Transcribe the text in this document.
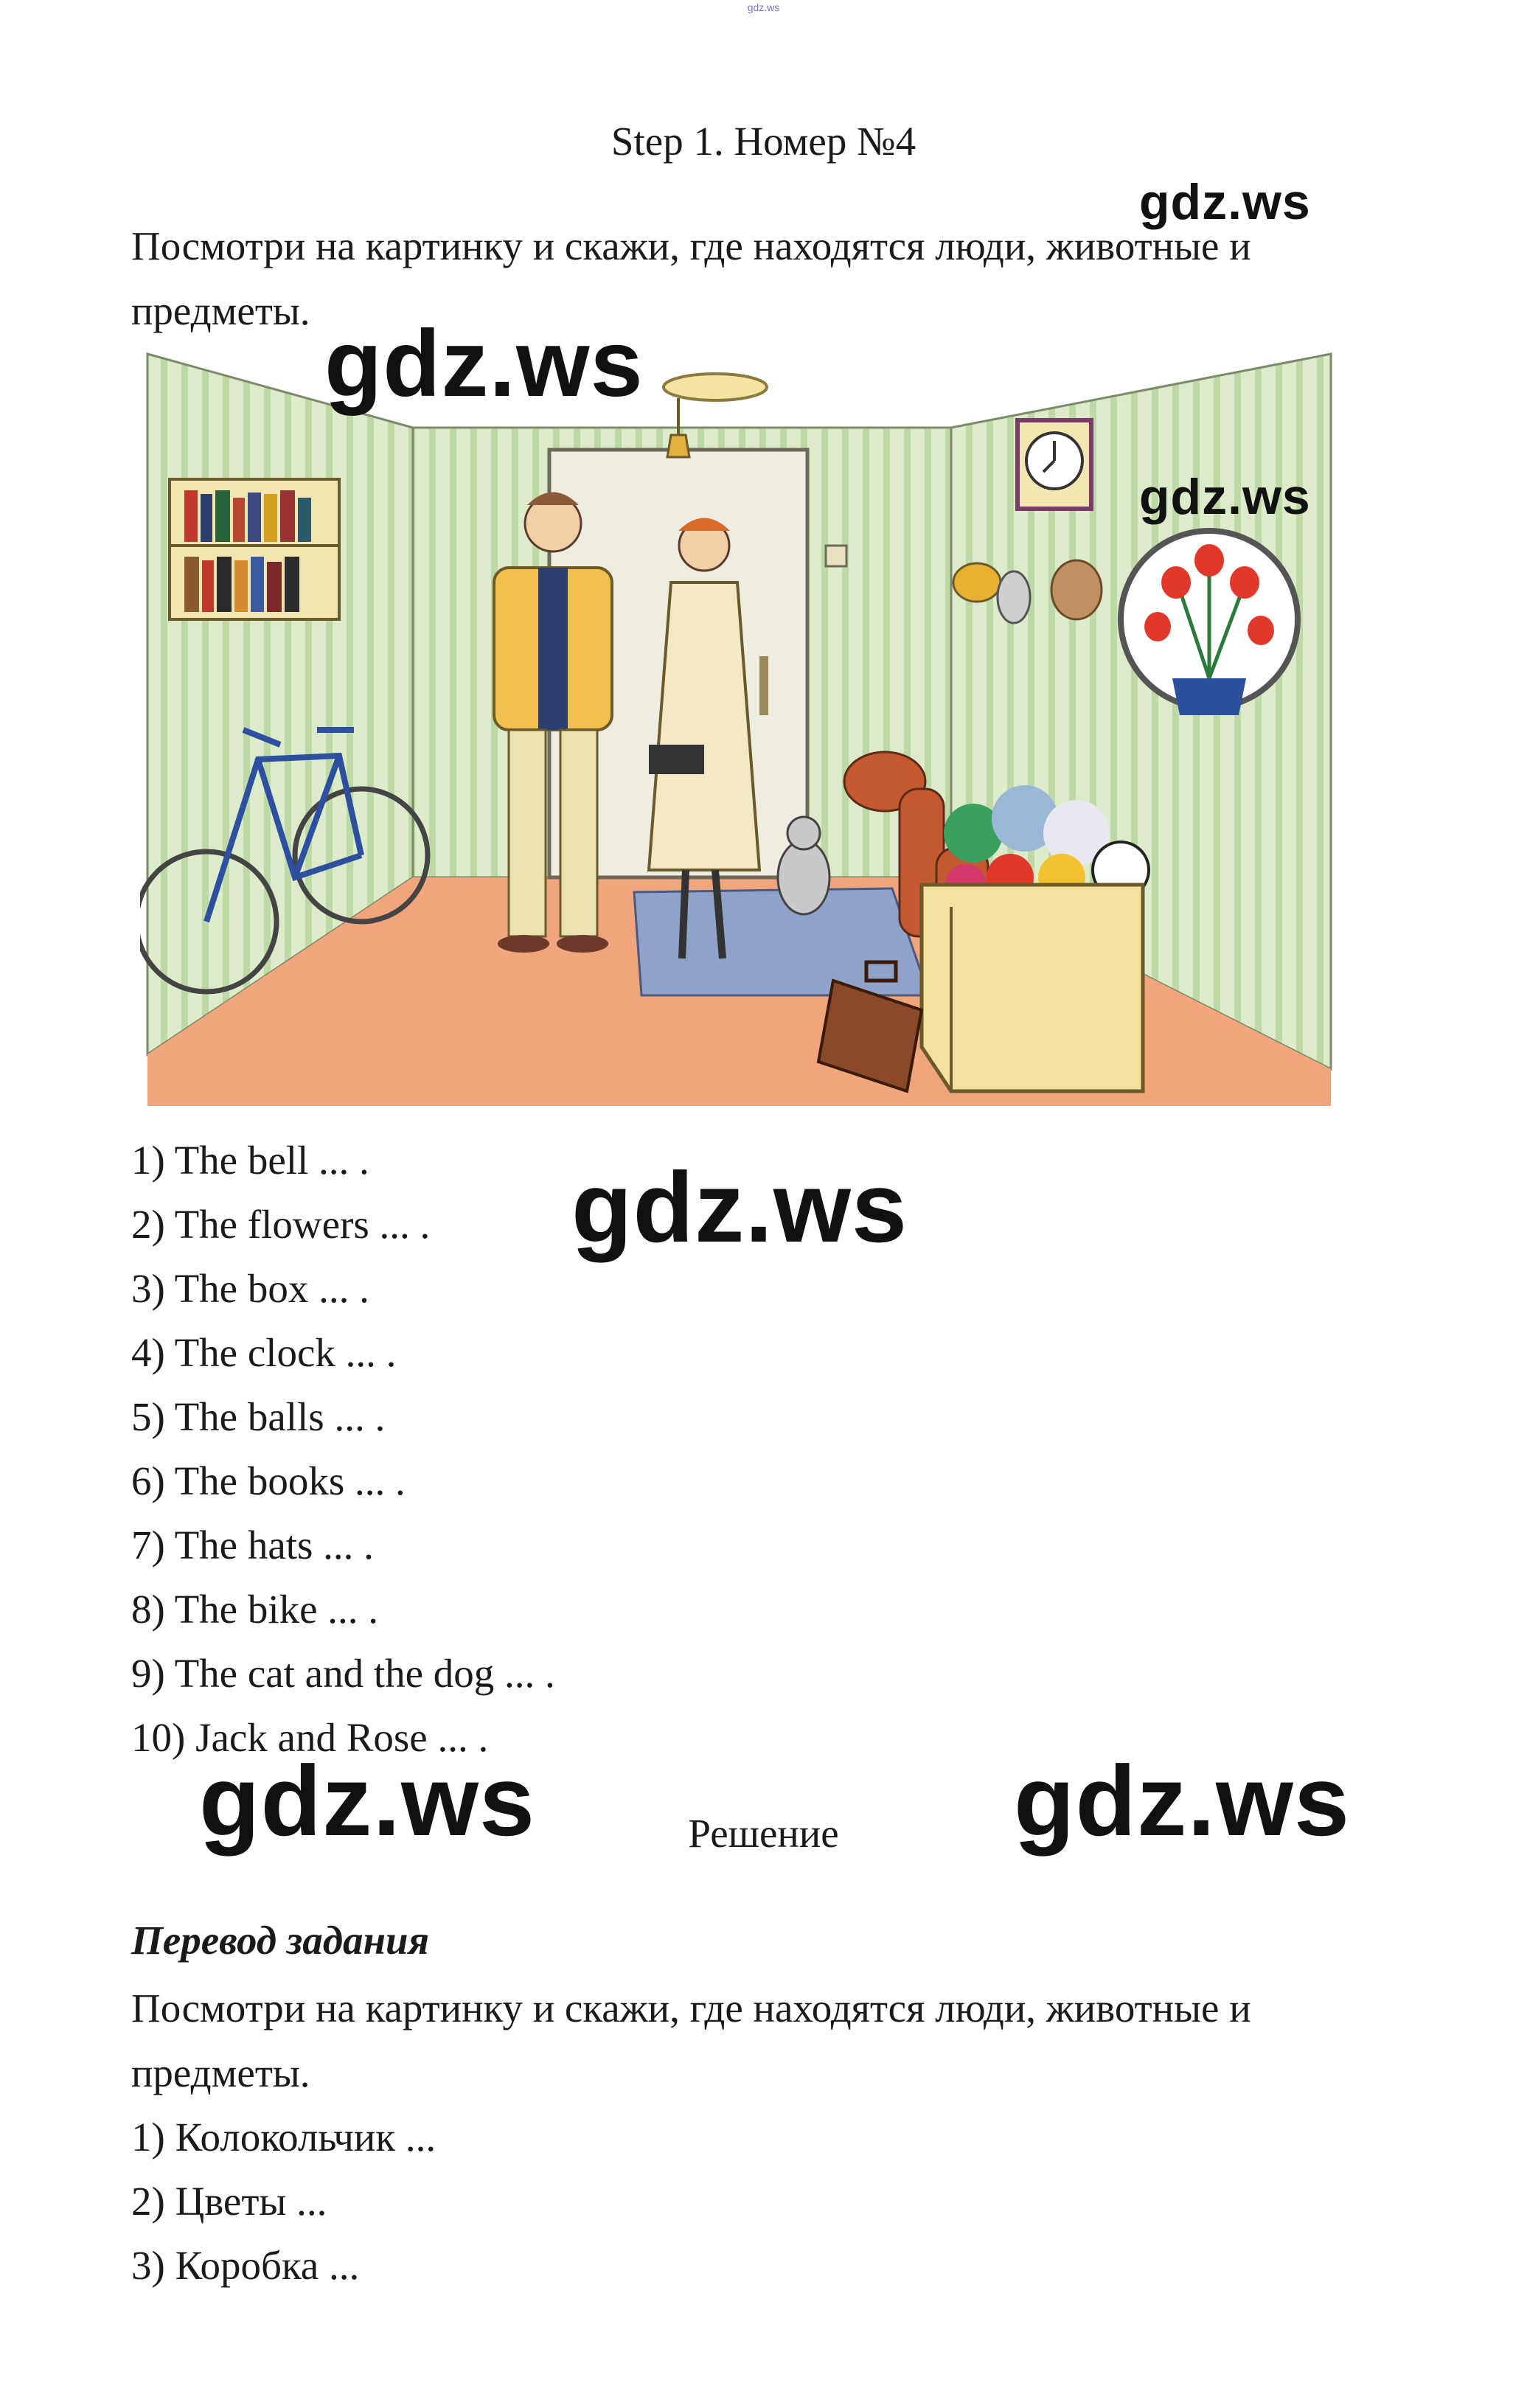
gdz.ws
Step 1. Номер №4

Посмотри на картинку и скажи, где находятся люди, животные и предметы.

gdz.ws
gdz.ws
gdz.ws
gdz.ws
gdz.ws	gdz.ws

1) The bell ... .

2) The flowers ... .

3) The box ... .

4) The clock ... .

5) The balls ... .

6) The books ... .

7) The hats ... .

8) The bike ... .

9) The cat and the dog ... .

10) Jack and Rose ... .

Решение
Перевод задания

Посмотри на картинку и скажи, где находятся люди, животные и предметы.

1) Колокольчик ...

2) Цветы ...

3) Коробка ...
